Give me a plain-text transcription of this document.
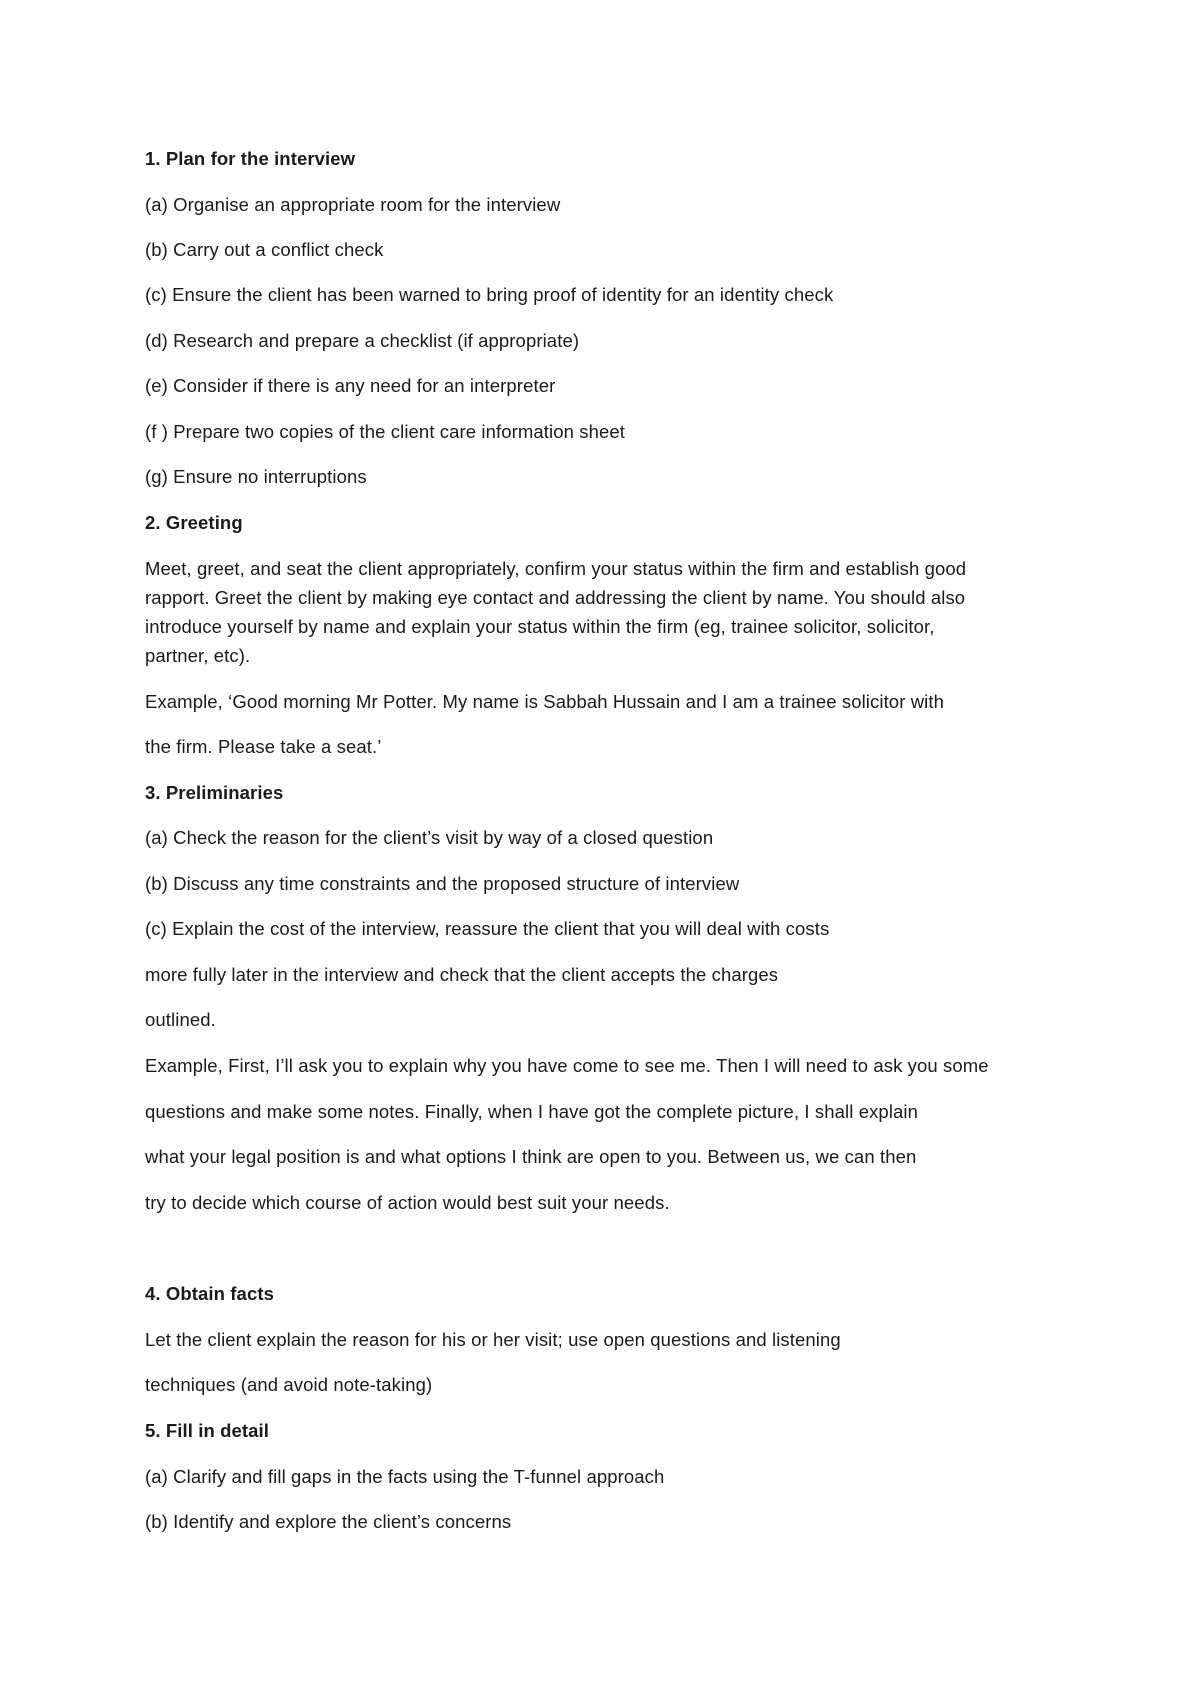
1. Plan for the interview
(a) Organise an appropriate room for the interview
(b) Carry out a conflict check
(c) Ensure the client has been warned to bring proof of identity for an identity check
(d) Research and prepare a checklist (if appropriate)
(e) Consider if there is any need for an interpreter
(f ) Prepare two copies of the client care information sheet
(g) Ensure no interruptions
2. Greeting
Meet, greet, and seat the client appropriately, confirm your status within the firm and establish good
rapport. Greet the client by making eye contact and addressing the client by name. You should also
introduce yourself by name and explain your status within the firm (eg, trainee solicitor, solicitor,
partner, etc).
Example, ‘Good morning Mr Potter. My name is Sabbah Hussain and I am a trainee solicitor with
the firm. Please take a seat.’
3. Preliminaries
(a) Check the reason for the client’s visit by way of a closed question
(b) Discuss any time constraints and the proposed structure of interview
(c) Explain the cost of the interview, reassure the client that you will deal with costs
more fully later in the interview and check that the client accepts the charges
outlined.
Example, First, I’ll ask you to explain why you have come to see me. Then I will need to ask you some
questions and make some notes. Finally, when I have got the complete picture, I shall explain
what your legal position is and what options I think are open to you. Between us, we can then
try to decide which course of action would best suit your needs.
4. Obtain facts
Let the client explain the reason for his or her visit; use open questions and listening
techniques (and avoid note-taking)
5. Fill in detail
(a) Clarify and fill gaps in the facts using the T-funnel approach
(b) Identify and explore the client’s concerns
